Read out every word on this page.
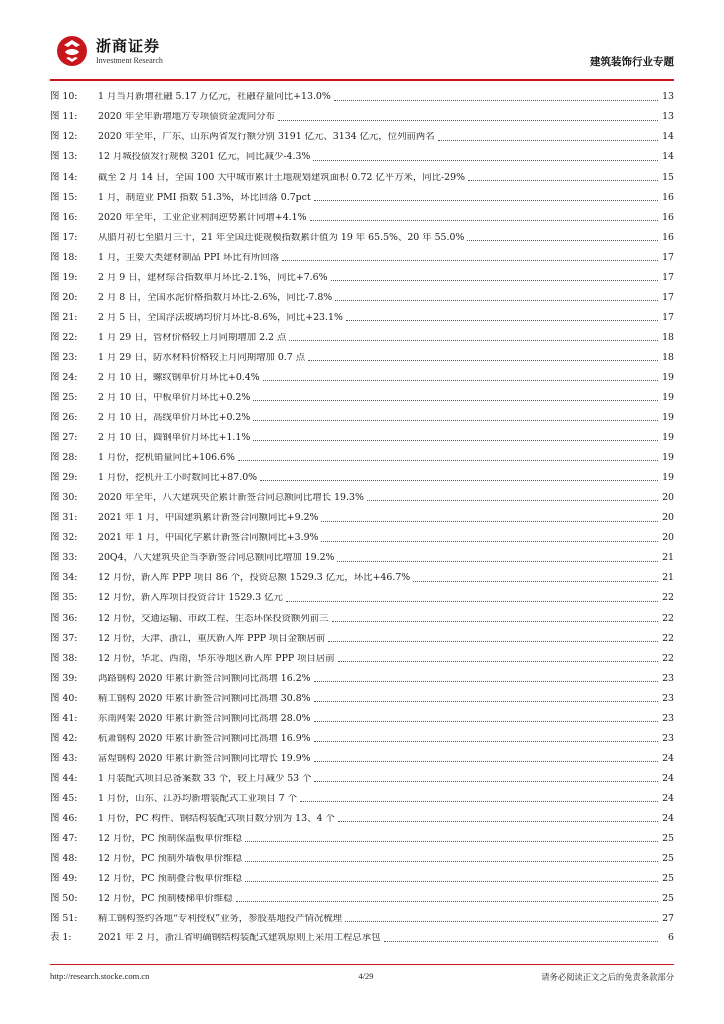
浙商证券
Investment Research	建筑装饰行业专题
图 10:	1 月当月新增社融 5.17 万亿元，社融存量同比+13.0%	13
图 11:	2020 年全年新增地方专项债资金流向分布	13
图 12:	2020 年全年，广东、山东两省发行额分别 3191 亿元、3134 亿元，位列前两名	14
图 13:	12 月城投债发行规模 3201 亿元，同比减少-4.3%	14
图 14:	截至 2 月 14 日，全国 100 大中城市累计土地规划建筑面积 0.72 亿平方米，同比-29%	15
图 15:	1 月，制造业 PMI 指数 51.3%，环比回落 0.7pct	16
图 16:	2020 年全年，工业企业利润逆势累计同增+4.1%	16
图 17:	从腊月初七至腊月三十，21 年全国迁徙规模指数累计值为 19 年 65.5%、20 年 55.0%	16
图 18:	1 月，主要大类建材制品 PPI 环比有所回落	17
图 19:	2 月 9 日，建材综合指数单月环比-2.1%，同比+7.6%	17
图 20:	2 月 8 日，全国水泥价格指数月环比-2.6%，同比-7.8%	17
图 21:	2 月 5 日，全国浮法玻璃均价月环比-8.6%，同比+23.1%	17
图 22:	1 月 29 日，管材价格较上月同期增加 2.2 点	18
图 23:	1 月 29 日，防水材料价格较上月同期增加 0.7 点	18
图 24:	2 月 10 日，螺纹钢单价月环比+0.4%	19
图 25:	2 月 10 日，中板单价月环比+0.2%	19
图 26:	2 月 10 日，高线单价月环比+0.2%	19
图 27:	2 月 10 日，圆钢单价月环比+1.1%	19
图 28:	1 月份，挖机销量同比+106.6%	19
图 29:	1 月份，挖机开工小时数同比+87.0%	19
图 30:	2020 年全年，八大建筑央企累计新签合同总额同比增长 19.3%	20
图 31:	2021 年 1 月，中国建筑累计新签合同额同比+9.2%	20
图 32:	2021 年 1 月，中国化学累计新签合同额同比+3.9%	20
图 33:	20Q4，八大建筑央企当季新签合同总额同比增加 19.2%	21
图 34:	12 月份，新入库 PPP 项目 86 个，投资总额 1529.3 亿元，环比+46.7%	21
图 35:	12 月份，新入库项目投资合计 1529.3 亿元	22
图 36:	12 月份，交通运输、市政工程、生态环保投资额列前三	22
图 37:	12 月份，天津、浙江，重庆新入库 PPP 项目金额居前	22
图 38:	12 月份，华北、西南，华东等地区新入库 PPP 项目居前	22
图 39:	鸿路钢构 2020 年累计新签合同额同比高增 16.2%	23
图 40:	精工钢构 2020 年累计新签合同额同比高增 30.8%	23
图 41:	东南网架 2020 年累计新签合同额同比高增 28.0%	23
图 42:	杭萧钢构 2020 年累计新签合同额同比高增 16.9%	23
图 43:	富煌钢构 2020 年累计新签合同额同比增长 19.9%	24
图 44:	1 月装配式项目总备案数 33 个，较上月减少 53 个	24
图 45:	1 月份，山东、江苏均新增装配式工业项目 7 个	24
图 46:	1 月份，PC 构件、钢结构装配式项目数分别为 13、4 个	24
图 47:	12 月份，PC 预制保温板单价维稳	25
图 48:	12 月份，PC 预制外墙板单价维稳	25
图 49:	12 月份，PC 预制叠合板单价维稳	25
图 50:	12 月份，PC 预制楼梯单价维稳	25
图 51:	精工钢构签约各地“专利授权”业务，参股基地投产情况梳理	27
表 1:	2021 年 2 月，浙江省明确钢结构装配式建筑原则上采用工程总承包	6
http://research.stocke.com.cn	4/29	请务必阅读正文之后的免责条款部分
